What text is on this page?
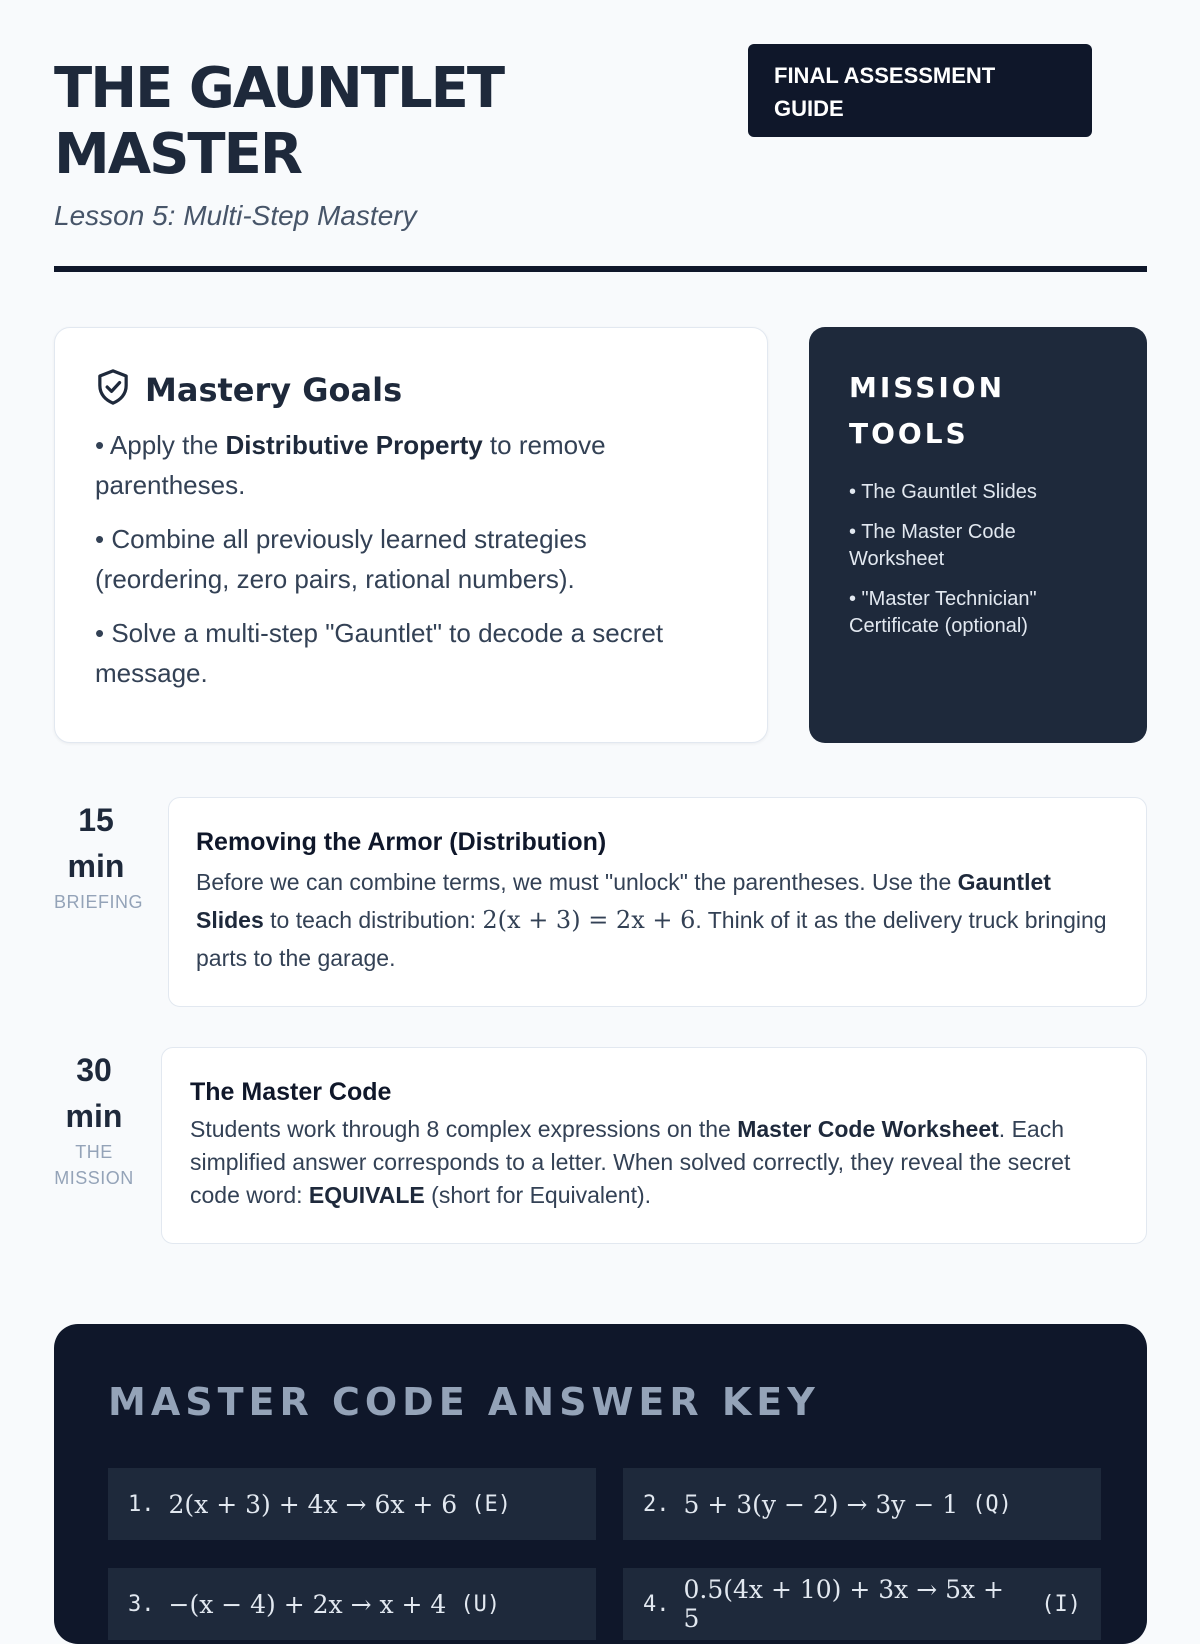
THE GAUNTLET MASTER
Lesson 5: Multi-Step Mastery
FINAL ASSESSMENT GUIDE
Mastery Goals
• Apply the Distributive Property to remove parentheses.
• Combine all previously learned strategies (reordering, zero pairs, rational numbers).
• Solve a multi-step "Gauntlet" to decode a secret message.
MISSION TOOLS
• The Gauntlet Slides
• The Master Code Worksheet
• "Master Technician" Certificate (optional)
15
min
BRIEFING
Removing the Armor (Distribution)
Before we can combine terms, we must "unlock" the parentheses. Use the Gauntlet Slides to teach distribution: 2(x + 3) = 2x + 6. Think of it as the delivery truck bringing parts to the garage.
30
min
THE MISSION
The Master Code
Students work through 8 complex expressions on the Master Code Worksheet. Each simplified answer corresponds to a letter. When solved correctly, they reveal the secret code word: EQUIVALE (short for Equivalent).
MASTER CODE ANSWER KEY
1. 2(x + 3) + 4x → 6x + 6 (E)	2. 5 + 3(y − 2) → 3y − 1 (Q)
3. −(x − 4) + 2x → x + 4 (U)	4. 0.5(4x + 10) + 3x → 5x + 5	(I)
